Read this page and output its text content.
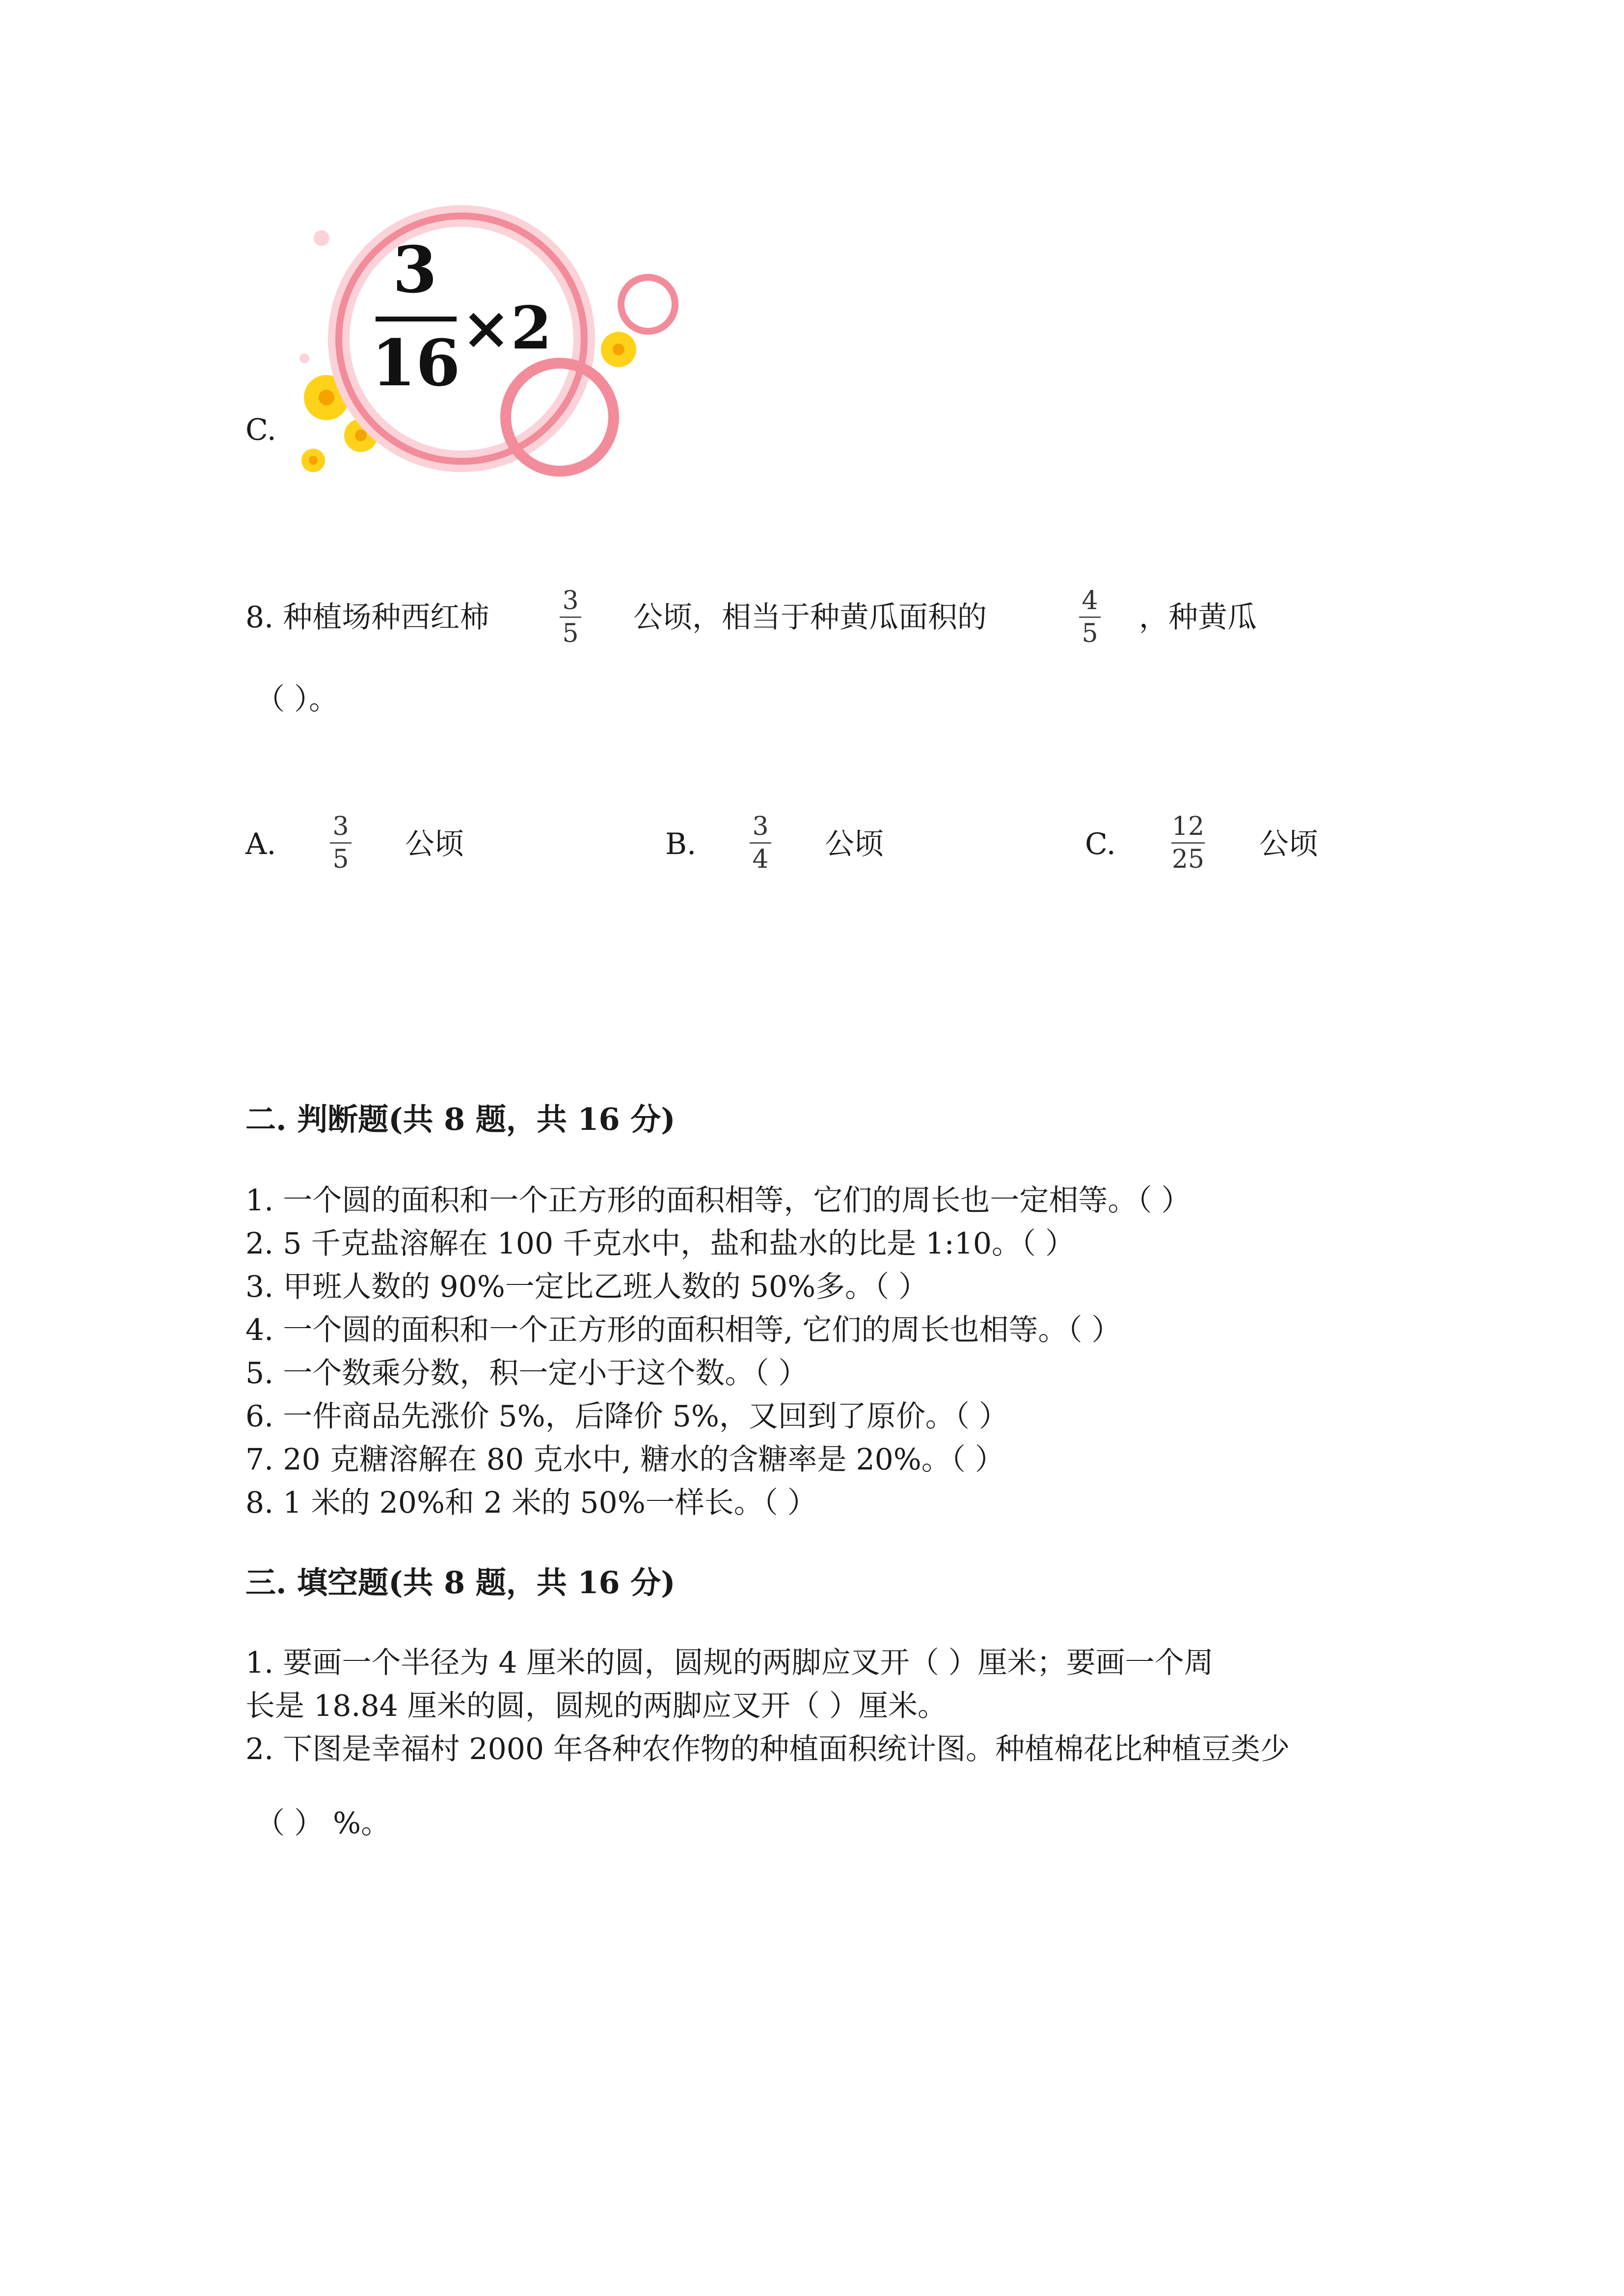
C.
3
16 ×2
8. 种植场种西红柿	3
5 公顷，相当于种黄瓜面积的	4
5 ，种黄瓜
（ ）。
A.
3
5 公顷	B.
3
4 公顷	C.
12
25 公顷
二. 判断题(共 8 题，共 16 分)
1. 一个圆的面积和一个正方形的面积相等，它们的周长也一定相等。（ ）
2. 5 千克盐溶解在 100 千克水中，盐和盐水的比是 1:10。（ ）
3. 甲班人数的 90%一定比乙班人数的 50%多。（ ）
4. 一个圆的面积和一个正方形的面积相等, 它们的周长也相等。（ ）
5. 一个数乘分数，积一定小于这个数。（ ）
6. 一件商品先涨价 5%，后降价 5%，又回到了原价。（ ）
7. 20 克糖溶解在 80 克水中, 糖水的含糖率是 20%。（ ）
8. 1 米的 20%和 2 米的 50%一样长。（ ）
三. 填空题(共 8 题，共 16 分)
1. 要画一个半径为 4 厘米的圆，圆规的两脚应叉开（ ）厘米；要画一个周
长是 18.84 厘米的圆，圆规的两脚应叉开（ ）厘米。
2. 下图是幸福村 2000 年各种农作物的种植面积统计图。种植棉花比种植豆类少
（ ） %。
